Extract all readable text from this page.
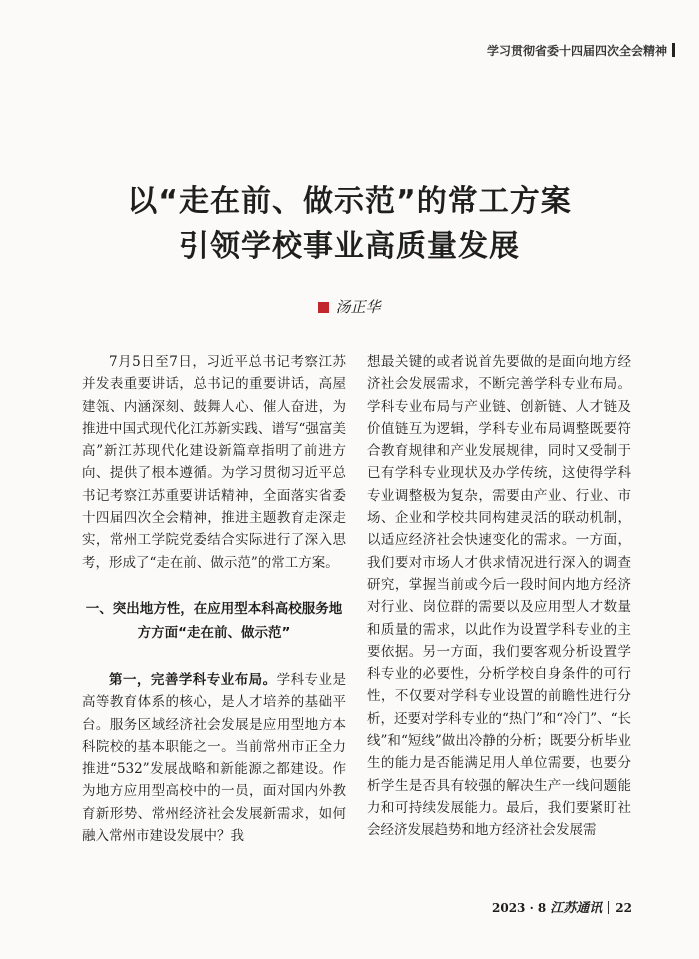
学习贯彻省委十四届四次全会精神
以“走在前、做示范”的常工方案
引领学校事业高质量发展
汤正华

7月5日至7日，习近平总书记考察江苏并发表重要讲话，总书记的重要讲话，高屋建瓴、内涵深刻、鼓舞人心、催人奋进，为推进中国式现代化江苏新实践、谱写“强富美高”新江苏现代化建设新篇章指明了前进方向、提供了根本遵循。为学习贯彻习近平总书记考察江苏重要讲话精神，全面落实省委十四届四次全会精神，推进主题教育走深走实，常州工学院党委结合实际进行了深入思考，形成了“走在前、做示范”的常工方案。

一、突出地方性，在应用型本科高校服务地方方面“走在前、做示范”

第一，完善学科专业布局。学科专业是高等教育体系的核心，是人才培养的基础平台。服务区域经济社会发展是应用型地方本科院校的基本职能之一。当前常州市正全力推进“532”发展战略和新能源之都建设。作为地方应用型高校中的一员，面对国内外教育新形势、常州经济社会发展新需求，如何融入常州市建设发展中？我

想最关键的或者说首先要做的是面向地方经济社会发展需求，不断完善学科专业布局。学科专业布局与产业链、创新链、人才链及价值链互为逻辑，学科专业布局调整既要符合教育规律和产业发展规律，同时又受制于已有学科专业现状及办学传统，这使得学科专业调整极为复杂，需要由产业、行业、市场、企业和学校共同构建灵活的联动机制，以适应经济社会快速变化的需求。一方面，我们要对市场人才供求情况进行深入的调查研究，掌握当前或今后一段时间内地方经济对行业、岗位群的需要以及应用型人才数量和质量的需求，以此作为设置学科专业的主要依据。另一方面，我们要客观分析设置学科专业的必要性，分析学校自身条件的可行性，不仅要对学科专业设置的前瞻性进行分析，还要对学科专业的“热门”和“冷门”、“长线”和“短线”做出冷静的分析；既要分析毕业生的能力是否能满足用人单位需要，也要分析学生是否具有较强的解决生产一线问题能力和可持续发展能力。最后，我们要紧盯社会经济发展趋势和地方经济社会发展需

2023 · 8 江苏通讯 22
